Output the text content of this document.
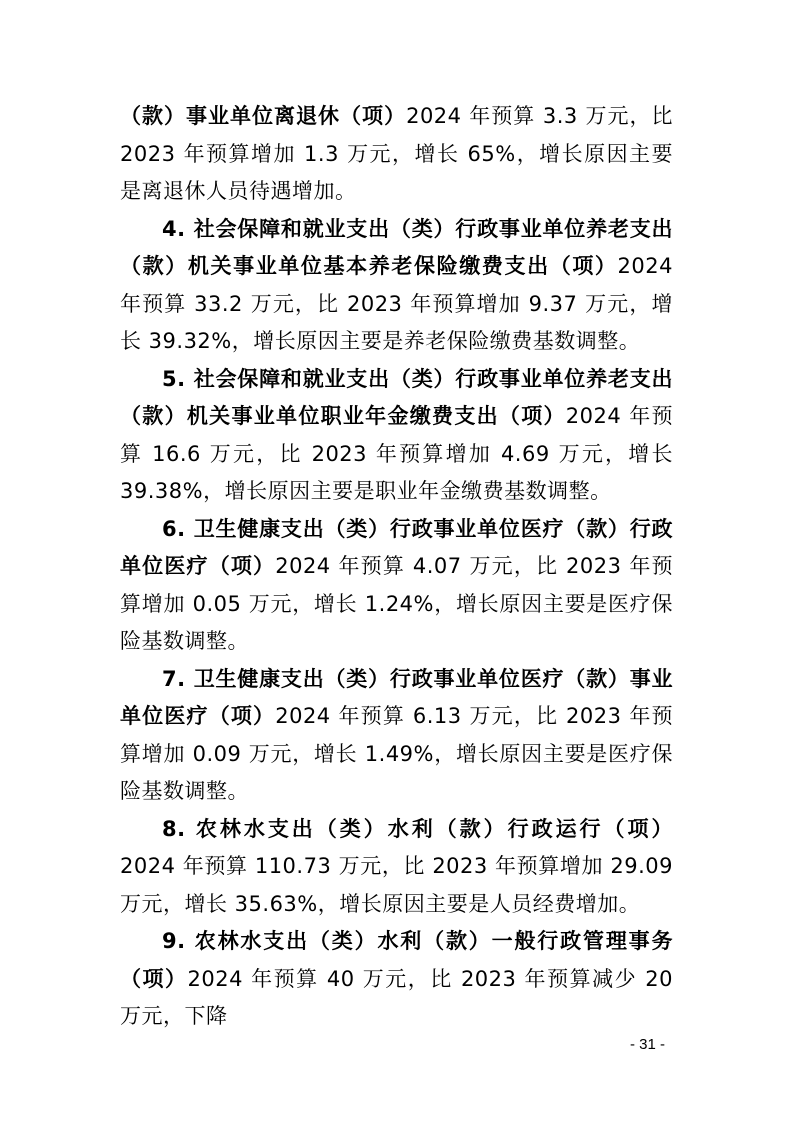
（款）事业单位离退休（项）2024 年预算 3.3 万元，比 2023 年预算增加 1.3 万元，增长 65%，增长原因主要是离退休人员待遇增加。

4. 社会保障和就业支出（类）行政事业单位养老支出（款）机关事业单位基本养老保险缴费支出（项）2024 年预算 33.2 万元，比 2023 年预算增加 9.37 万元，增长 39.32%，增长原因主要是养老保险缴费基数调整。

5. 社会保障和就业支出（类）行政事业单位养老支出（款）机关事业单位职业年金缴费支出（项）2024 年预算 16.6 万元，比 2023 年预算增加 4.69 万元，增长 39.38%，增长原因主要是职业年金缴费基数调整。

6. 卫生健康支出（类）行政事业单位医疗（款）行政单位医疗（项）2024 年预算 4.07 万元，比 2023 年预算增加 0.05 万元，增长 1.24%，增长原因主要是医疗保险基数调整。

7. 卫生健康支出（类）行政事业单位医疗（款）事业单位医疗（项）2024 年预算 6.13 万元，比 2023 年预算增加 0.09 万元，增长 1.49%，增长原因主要是医疗保险基数调整。

8. 农林水支出（类）水利（款）行政运行（项）2024 年预算 110.73 万元，比 2023 年预算增加 29.09 万元，增长 35.63%，增长原因主要是人员经费增加。

9. 农林水支出（类）水利（款）一般行政管理事务（项）2024 年预算 40 万元，比 2023 年预算减少 20 万元，下降

- 31 -
